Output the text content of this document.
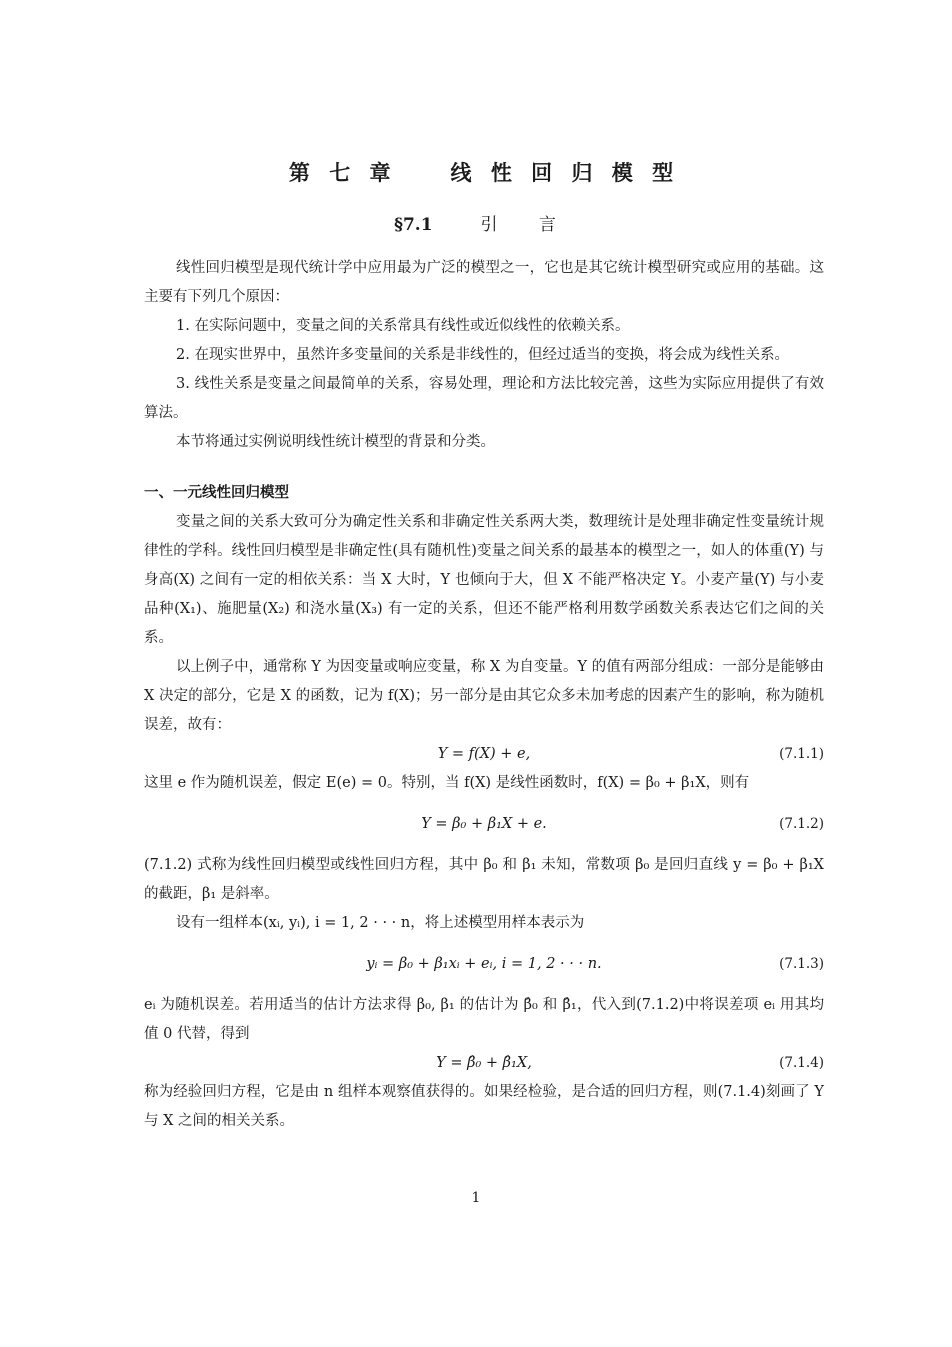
第 七 章　　线 性 回 归 模 型
§7.1	引 言

线性回归模型是现代统计学中应用最为广泛的模型之一，它也是其它统计模型研究或应用的基础。这主要有下列几个原因：

1. 在实际问题中，变量之间的关系常具有线性或近似线性的依赖关系。

2. 在现实世界中，虽然许多变量间的关系是非线性的，但经过适当的变换，将会成为线性关系。

3. 线性关系是变量之间最简单的关系，容易处理，理论和方法比较完善，这些为实际应用提供了有效算法。

本节将通过实例说明线性统计模型的背景和分类。

一、一元线性回归模型

变量之间的关系大致可分为确定性关系和非确定性关系两大类，数理统计是处理非确定性变量统计规律性的学科。线性回归模型是非确定性(具有随机性)变量之间关系的最基本的模型之一，如人的体重(Y) 与身高(X) 之间有一定的相依关系：当 X 大时，Y 也倾向于大，但 X 不能严格决定 Y。小麦产量(Y) 与小麦品种(X₁)、施肥量(X₂) 和浇水量(X₃) 有一定的关系，但还不能严格利用数学函数关系表达它们之间的关系。

以上例子中，通常称 Y 为因变量或响应变量，称 X 为自变量。Y 的值有两部分组成：一部分是能够由 X 决定的部分，它是 X 的函数，记为 f(X)；另一部分是由其它众多未加考虑的因素产生的影响，称为随机误差，故有：

Y = f(X) + e,	(7.1.1)

这里 e 作为随机误差，假定 E(e) = 0。特别，当 f(X) 是线性函数时，f(X) = β₀ + β₁X，则有

Y = β₀ + β₁X + e.	(7.1.2)

(7.1.2) 式称为线性回归模型或线性回归方程，其中 β₀ 和 β₁ 未知，常数项 β₀ 是回归直线 y = β₀ + β₁X 的截距，β₁ 是斜率。

设有一组样本(xᵢ, yᵢ), i = 1, 2 · · · n，将上述模型用样本表示为

yᵢ = β₀ + β₁xᵢ + eᵢ, i = 1, 2 · · · n.	(7.1.3)

eᵢ 为随机误差。若用适当的估计方法求得 β₀, β₁ 的估计为 β̂₀ 和 β̂₁，代入到(7.1.2)中将误差项 eᵢ 用其均值 0 代替，得到

Y = β̂₀ + β̂₁X,	(7.1.4)

称为经验回归方程，它是由 n 组样本观察值获得的。如果经检验，是合适的回归方程，则(7.1.4)刻画了 Y 与 X 之间的相关关系。

1
